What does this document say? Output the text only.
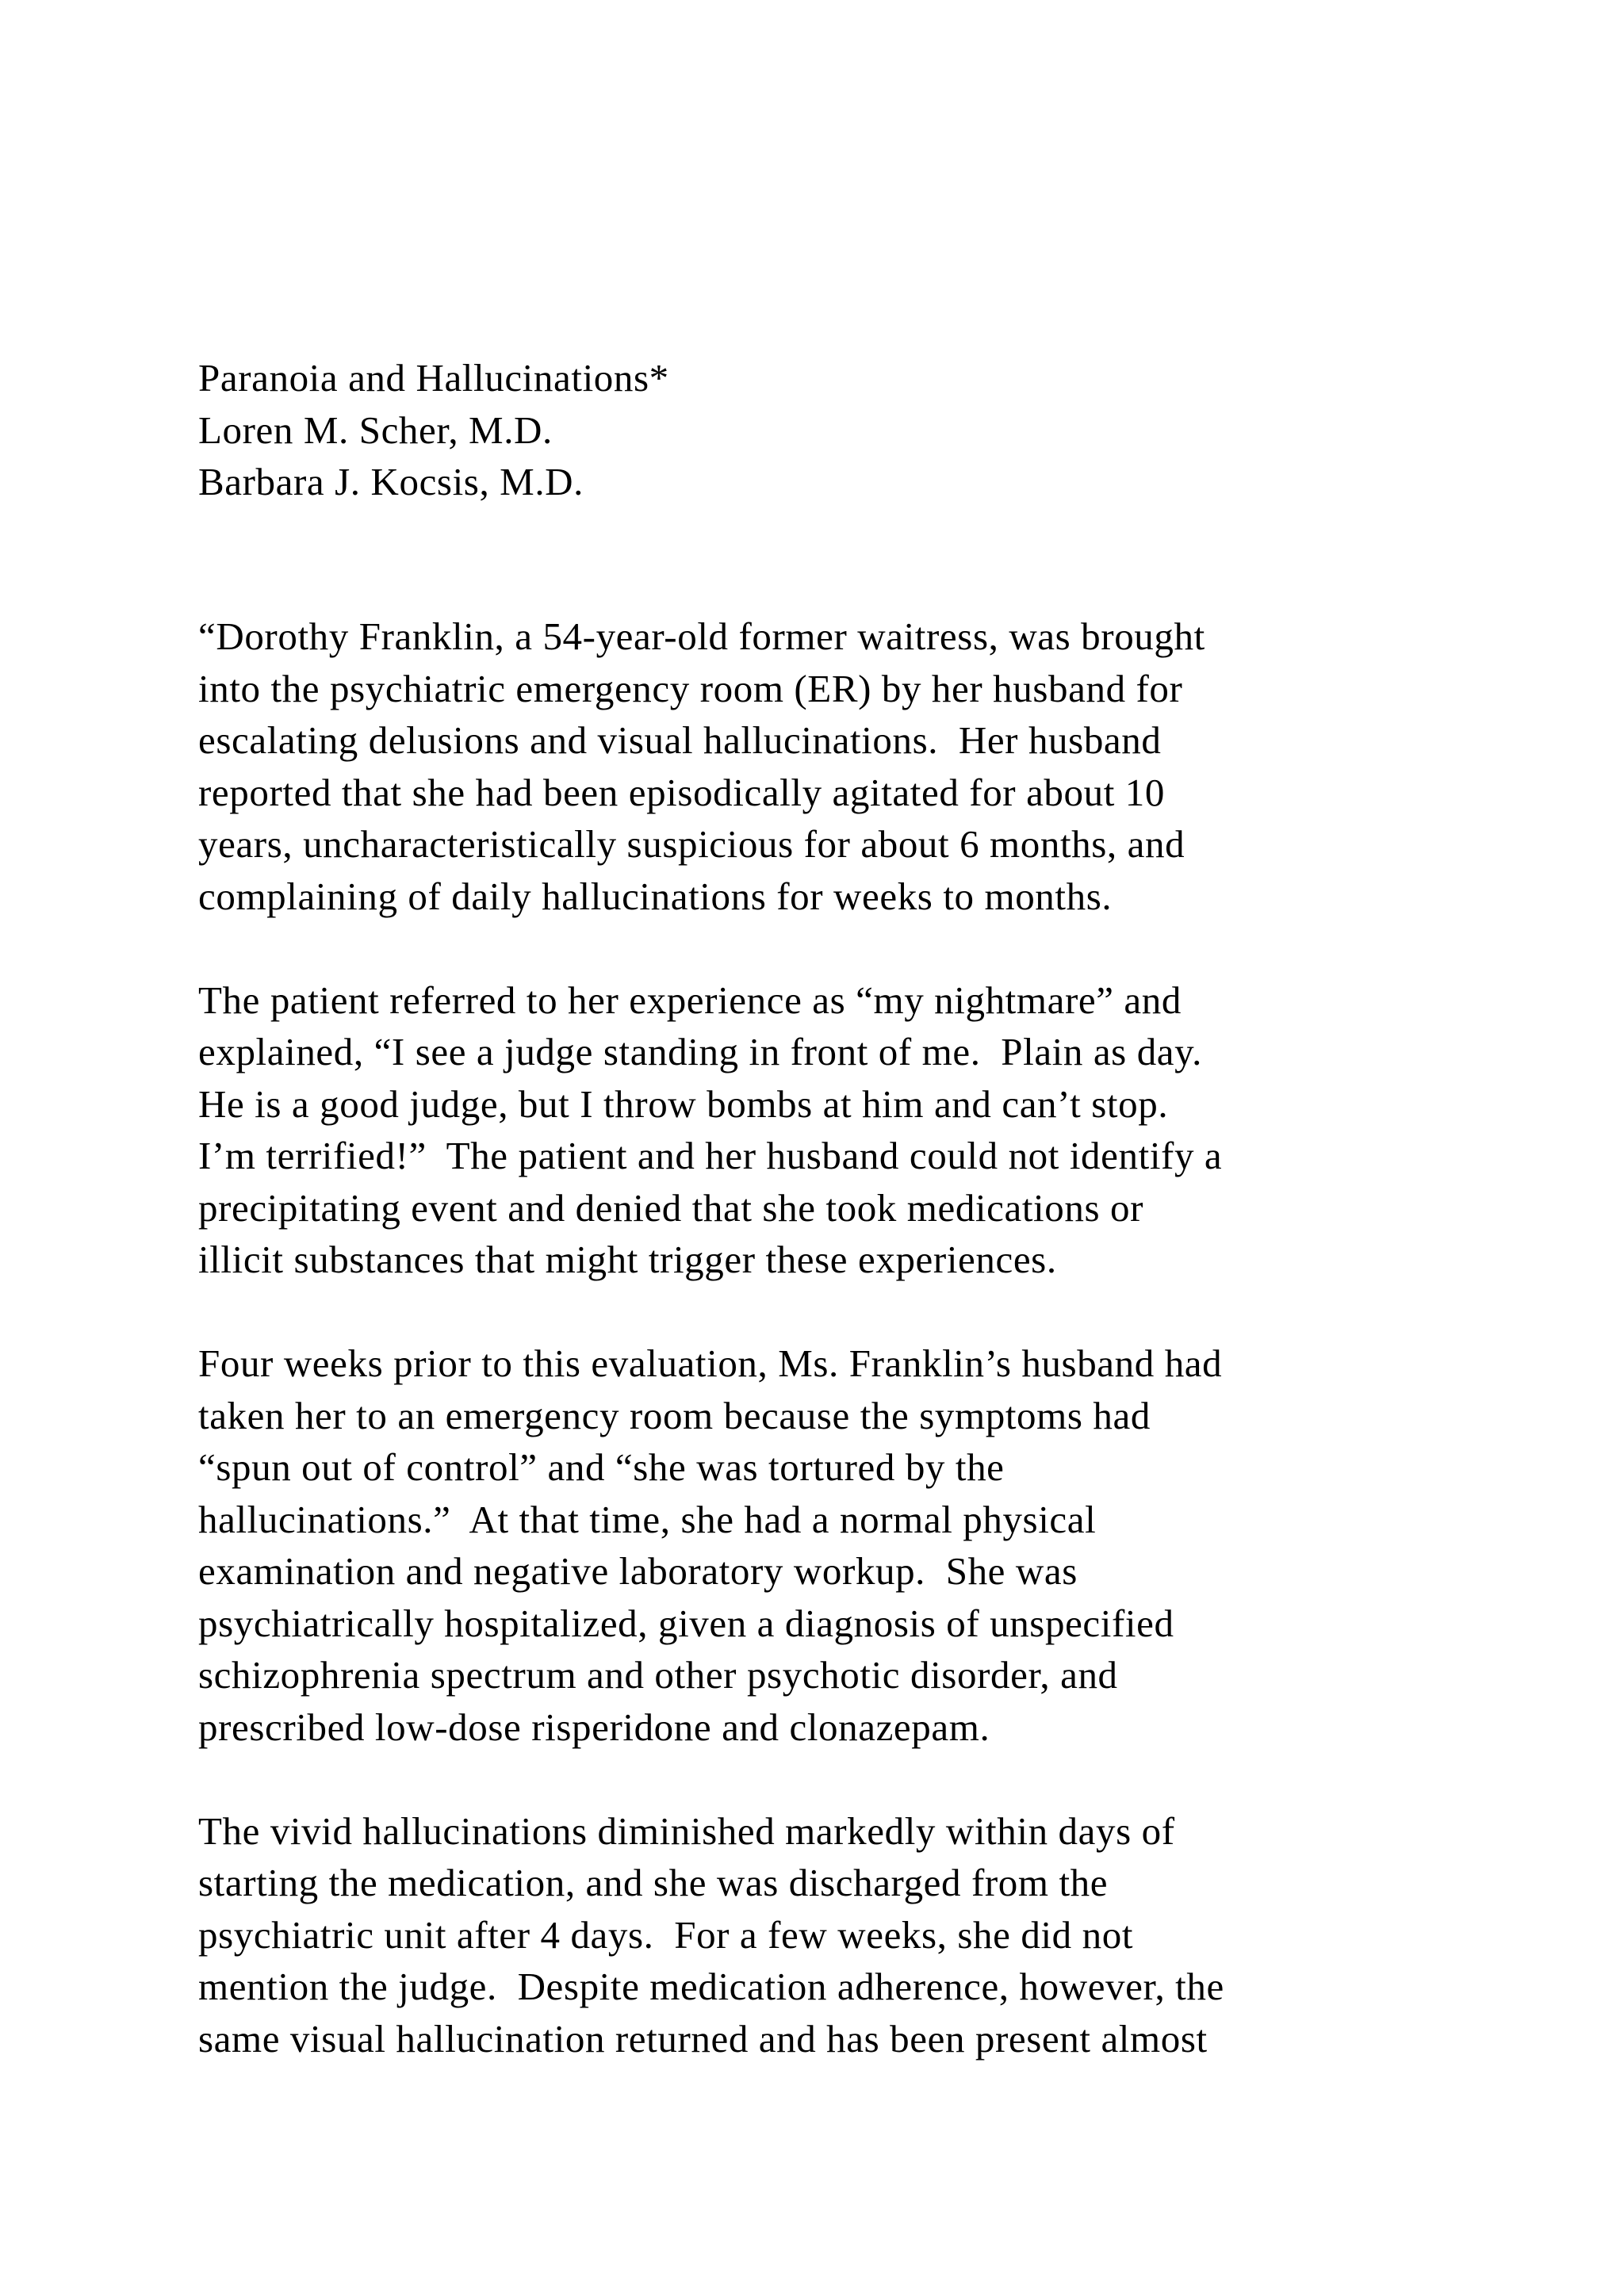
Paranoia and Hallucinations*
Loren M. Scher, M.D.
Barbara J. Kocsis, M.D.
“Dorothy Franklin, a 54-year-old former waitress, was brought
into the psychiatric emergency room (ER) by her husband for
escalating delusions and visual hallucinations.  Her husband
reported that she had been episodically agitated for about 10
years, uncharacteristically suspicious for about 6 months, and
complaining of daily hallucinations for weeks to months.
The patient referred to her experience as “my nightmare” and
explained, “I see a judge standing in front of me.  Plain as day.
He is a good judge, but I throw bombs at him and can’t stop.
I’m terrified!”  The patient and her husband could not identify a
precipitating event and denied that she took medications or
illicit substances that might trigger these experiences.
Four weeks prior to this evaluation, Ms. Franklin’s husband had
taken her to an emergency room because the symptoms had
“spun out of control” and “she was tortured by the
hallucinations.”  At that time, she had a normal physical
examination and negative laboratory workup.  She was
psychiatrically hospitalized, given a diagnosis of unspecified
schizophrenia spectrum and other psychotic disorder, and
prescribed low-dose risperidone and clonazepam.
The vivid hallucinations diminished markedly within days of
starting the medication, and she was discharged from the
psychiatric unit after 4 days.  For a few weeks, she did not
mention the judge.  Despite medication adherence, however, the
same visual hallucination returned and has been present almost
